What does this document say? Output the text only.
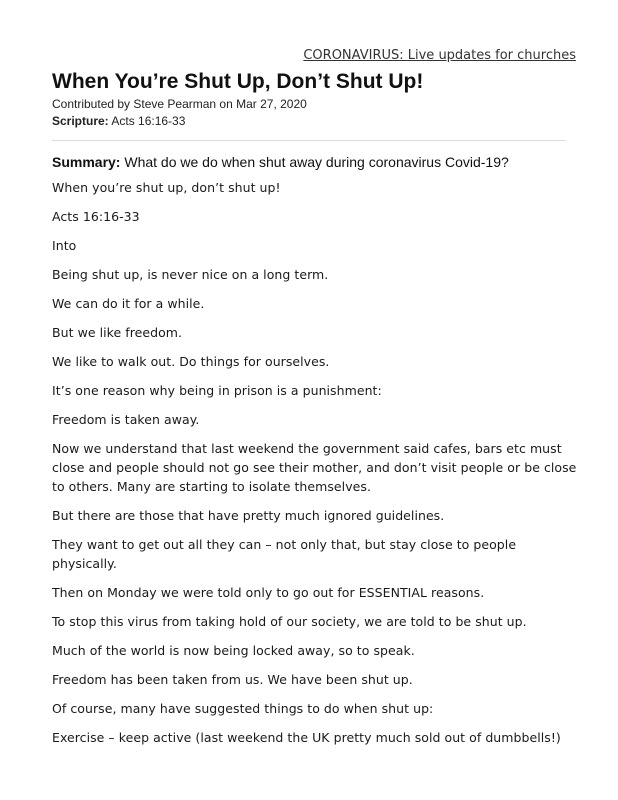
CORONAVIRUS: Live updates for churches
When You’re Shut Up, Don’t Shut Up!
Contributed by Steve Pearman on Mar 27, 2020
Scripture: Acts 16:16-33

Summary: What do we do when shut away during coronavirus Covid-19?

When you’re shut up, don’t shut up!

Acts 16:16-33

Into

Being shut up, is never nice on a long term.

We can do it for a while.

But we like freedom.

We like to walk out. Do things for ourselves.

It’s one reason why being in prison is a punishment:

Freedom is taken away.

Now we understand that last weekend the government said cafes, bars etc must close and people should not go see their mother, and don’t visit people or be close to others. Many are starting to isolate themselves.

But there are those that have pretty much ignored guidelines.

They want to get out all they can – not only that, but stay close to people physically.

Then on Monday we were told only to go out for ESSENTIAL reasons.

To stop this virus from taking hold of our society, we are told to be shut up.

Much of the world is now being locked away, so to speak.

Freedom has been taken from us. We have been shut up.

Of course, many have suggested things to do when shut up:

Exercise – keep active (last weekend the UK pretty much sold out of dumbbells!)
